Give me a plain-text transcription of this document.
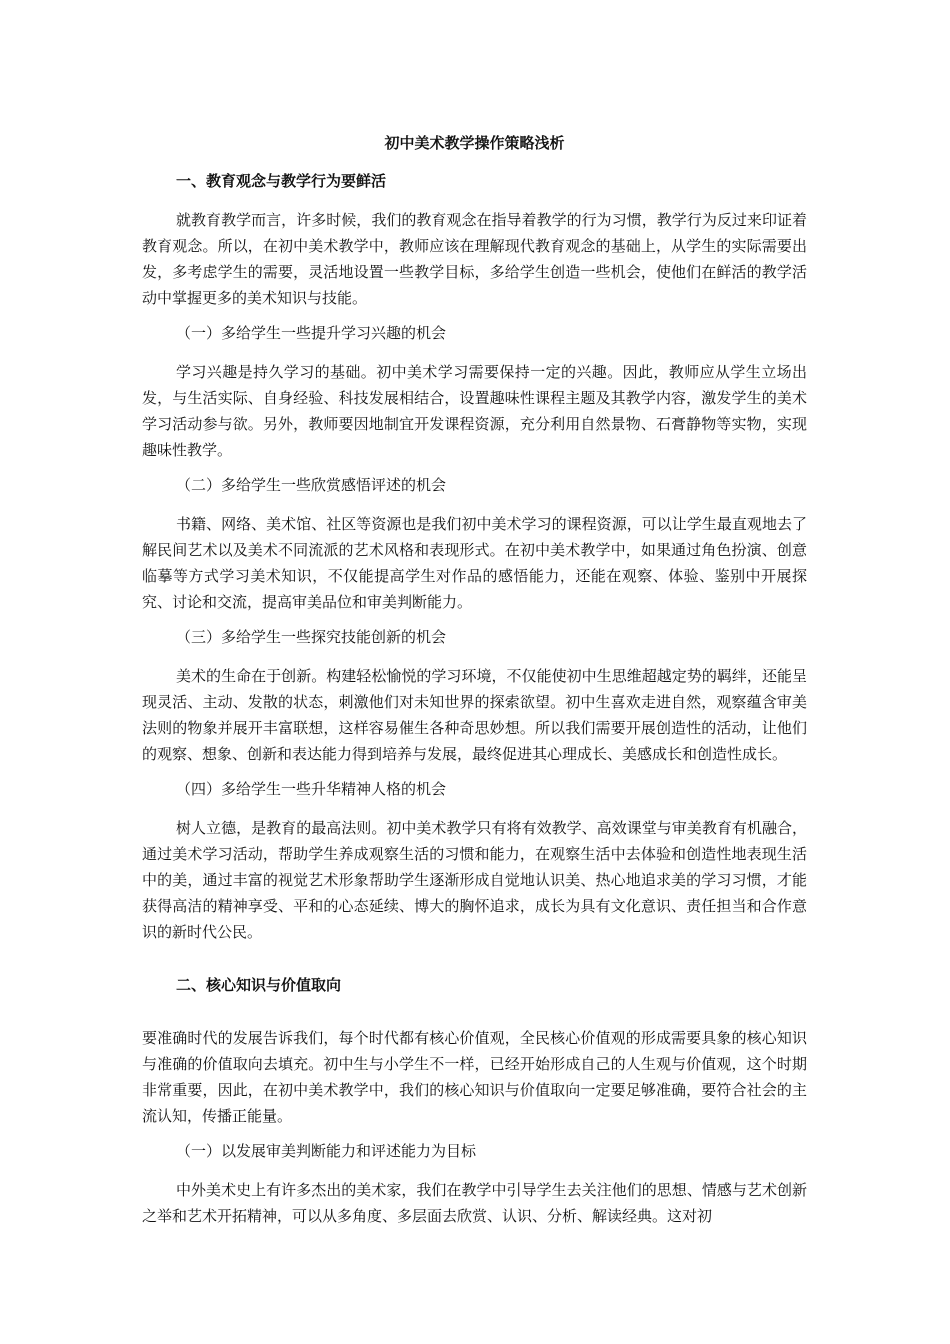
初中美术教学操作策略浅析
一、教育观念与教学行为要鲜活

就教育教学而言，许多时候，我们的教育观念在指导着教学的行为习惯，教学行为反过来印证着教育观念。所以，在初中美术教学中，教师应该在理解现代教育观念的基础上，从学生的实际需要出发，多考虑学生的需要，灵活地设置一些教学目标，多给学生创造一些机会，使他们在鲜活的教学活动中掌握更多的美术知识与技能。

（一）多给学生一些提升学习兴趣的机会

学习兴趣是持久学习的基础。初中美术学习需要保持一定的兴趣。因此，教师应从学生立场出发，与生活实际、自身经验、科技发展相结合，设置趣味性课程主题及其教学内容，激发学生的美术学习活动参与欲。另外，教师要因地制宜开发课程资源，充分利用自然景物、石膏静物等实物，实现趣味性教学。

（二）多给学生一些欣赏感悟评述的机会

书籍、网络、美术馆、社区等资源也是我们初中美术学习的课程资源，可以让学生最直观地去了解民间艺术以及美术不同流派的艺术风格和表现形式。在初中美术教学中，如果通过角色扮演、创意临摹等方式学习美术知识，不仅能提高学生对作品的感悟能力，还能在观察、体验、鉴别中开展探究、讨论和交流，提高审美品位和审美判断能力。

（三）多给学生一些探究技能创新的机会

美术的生命在于创新。构建轻松愉悦的学习环境，不仅能使初中生思维超越定势的羁绊，还能呈现灵活、主动、发散的状态，刺激他们对未知世界的探索欲望。初中生喜欢走进自然，观察蕴含审美法则的物象并展开丰富联想，这样容易催生各种奇思妙想。所以我们需要开展创造性的活动，让他们的观察、想象、创新和表达能力得到培养与发展，最终促进其心理成长、美感成长和创造性成长。

（四）多给学生一些升华精神人格的机会

树人立德，是教育的最高法则。初中美术教学只有将有效教学、高效课堂与审美教育有机融合，通过美术学习活动，帮助学生养成观察生活的习惯和能力，在观察生活中去体验和创造性地表现生活中的美，通过丰富的视觉艺术形象帮助学生逐渐形成自觉地认识美、热心地追求美的学习习惯，才能获得高洁的精神享受、平和的心态延续、博大的胸怀追求，成长为具有文化意识、责任担当和合作意识的新时代公民。

二、核心知识与价值取向

要准确时代的发展告诉我们，每个时代都有核心价值观，全民核心价值观的形成需要具象的核心知识与准确的价值取向去填充。初中生与小学生不一样，已经开始形成自己的人生观与价值观，这个时期非常重要，因此，在初中美术教学中，我们的核心知识与价值取向一定要足够准确，要符合社会的主流认知，传播正能量。

（一）以发展审美判断能力和评述能力为目标

中外美术史上有许多杰出的美术家，我们在教学中引导学生去关注他们的思想、情感与艺术创新之举和艺术开拓精神，可以从多角度、多层面去欣赏、认识、分析、解读经典。这对初
